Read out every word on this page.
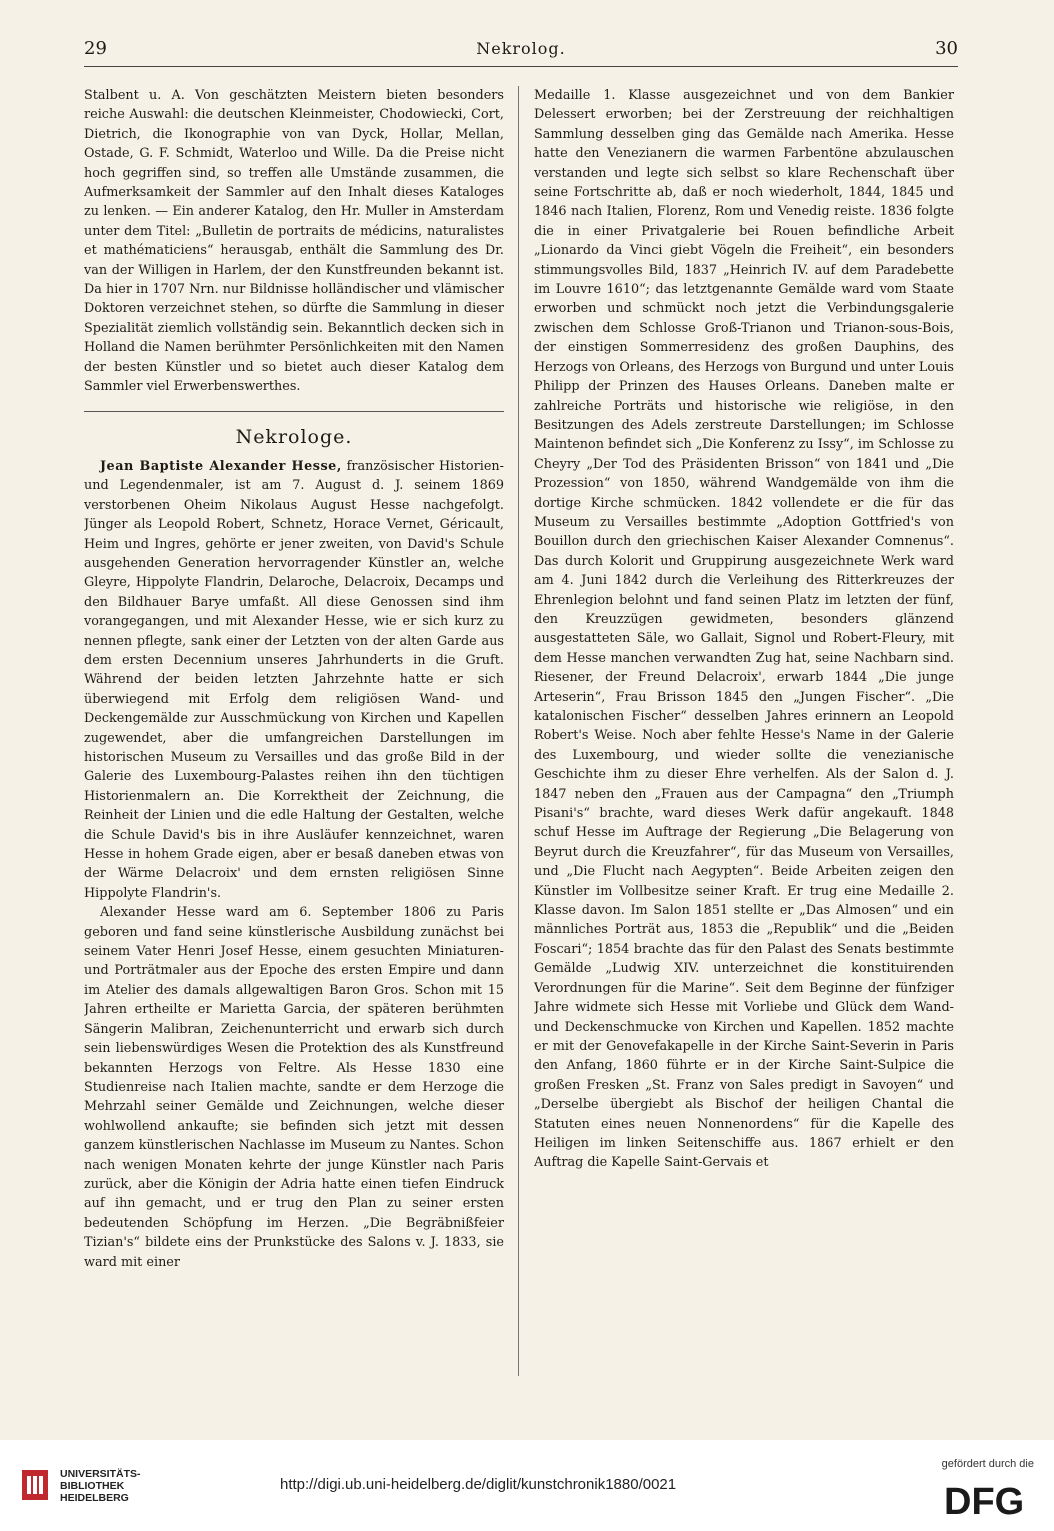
29	Nekrolog.	30

Stalbent u. A. Von geschätzten Meistern bieten besonders reiche Auswahl: die deutschen Kleinmeister, Chodowiecki, Cort, Dietrich, die Ikonographie von van Dyck, Hollar, Mellan, Ostade, G. F. Schmidt, Waterloo und Wille. Da die Preise nicht hoch gegriffen sind, so treffen alle Umstände zusammen, die Aufmerksamkeit der Sammler auf den Inhalt dieses Kataloges zu lenken. — Ein anderer Katalog, den Hr. Muller in Amsterdam unter dem Titel: „Bulletin de portraits de médicins, naturalistes et mathématiciens“ herausgab, enthält die Sammlung des Dr. van der Willigen in Harlem, der den Kunstfreunden bekannt ist. Da hier in 1707 Nrn. nur Bildnisse holländischer und vlämischer Doktoren verzeichnet stehen, so dürfte die Sammlung in dieser Spezialität ziemlich vollständig sein. Bekanntlich decken sich in Holland die Namen berühmter Persönlichkeiten mit den Namen der besten Künstler und so bietet auch dieser Katalog dem Sammler viel Erwerbenswerthes.

Nekrologe.

Jean Baptiste Alexander Hesse, französischer Historien- und Legendenmaler, ist am 7. August d. J. seinem 1869 verstorbenen Oheim Nikolaus August Hesse nachgefolgt. Jünger als Leopold Robert, Schnetz, Horace Vernet, Géricault, Heim und Ingres, gehörte er jener zweiten, von David's Schule ausgehenden Generation hervorragender Künstler an, welche Gleyre, Hippolyte Flandrin, Delaroche, Delacroix, Decamps und den Bildhauer Barye umfaßt. All diese Genossen sind ihm vorangegangen, und mit Alexander Hesse, wie er sich kurz zu nennen pflegte, sank einer der Letzten von der alten Garde aus dem ersten Decennium unseres Jahrhunderts in die Gruft. Während der beiden letzten Jahrzehnte hatte er sich überwiegend mit Erfolg dem religiösen Wand- und Deckengemälde zur Ausschmückung von Kirchen und Kapellen zugewendet, aber die umfangreichen Darstellungen im historischen Museum zu Versailles und das große Bild in der Galerie des Luxembourg-Palastes reihen ihn den tüchtigen Historienmalern an. Die Korrektheit der Zeichnung, die Reinheit der Linien und die edle Haltung der Gestalten, welche die Schule David's bis in ihre Ausläufer kennzeichnet, waren Hesse in hohem Grade eigen, aber er besaß daneben etwas von der Wärme Delacroix' und dem ernsten religiösen Sinne Hippolyte Flandrin's.

Alexander Hesse ward am 6. September 1806 zu Paris geboren und fand seine künstlerische Ausbildung zunächst bei seinem Vater Henri Josef Hesse, einem gesuchten Miniaturen- und Porträtmaler aus der Epoche des ersten Empire und dann im Atelier des damals allgewaltigen Baron Gros. Schon mit 15 Jahren ertheilte er Marietta Garcia, der späteren berühmten Sängerin Malibran, Zeichenunterricht und erwarb sich durch sein liebenswürdiges Wesen die Protektion des als Kunstfreund bekannten Herzogs von Feltre. Als Hesse 1830 eine Studienreise nach Italien machte, sandte er dem Herzoge die Mehrzahl seiner Gemälde und Zeichnungen, welche dieser wohlwollend ankaufte; sie befinden sich jetzt mit dessen ganzem künstlerischen Nachlasse im Museum zu Nantes. Schon nach wenigen Monaten kehrte der junge Künstler nach Paris zurück, aber die Königin der Adria hatte einen tiefen Eindruck auf ihn gemacht, und er trug den Plan zu seiner ersten bedeutenden Schöpfung im Herzen. „Die Begräbnißfeier Tizian's“ bildete eins der Prunkstücke des Salons v. J. 1833, sie ward mit einer

Medaille 1. Klasse ausgezeichnet und von dem Bankier Delessert erworben; bei der Zerstreuung der reichhaltigen Sammlung desselben ging das Gemälde nach Amerika. Hesse hatte den Venezianern die warmen Farbentöne abzulauschen verstanden und legte sich selbst so klare Rechenschaft über seine Fortschritte ab, daß er noch wiederholt, 1844, 1845 und 1846 nach Italien, Florenz, Rom und Venedig reiste. 1836 folgte die in einer Privatgalerie bei Rouen befindliche Arbeit „Lionardo da Vinci giebt Vögeln die Freiheit“, ein besonders stimmungsvolles Bild, 1837 „Heinrich IV. auf dem Paradebette im Louvre 1610“; das letztgenannte Gemälde ward vom Staate erworben und schmückt noch jetzt die Verbindungsgalerie zwischen dem Schlosse Groß-Trianon und Trianon-sous-Bois, der einstigen Sommerresidenz des großen Dauphins, des Herzogs von Orleans, des Herzogs von Burgund und unter Louis Philipp der Prinzen des Hauses Orleans. Daneben malte er zahlreiche Porträts und historische wie religiöse, in den Besitzungen des Adels zerstreute Darstellungen; im Schlosse Maintenon befindet sich „Die Konferenz zu Issy“, im Schlosse zu Cheyry „Der Tod des Präsidenten Brisson“ von 1841 und „Die Prozession“ von 1850, während Wandgemälde von ihm die dortige Kirche schmücken. 1842 vollendete er die für das Museum zu Versailles bestimmte „Adoption Gottfried's von Bouillon durch den griechischen Kaiser Alexander Comnenus“. Das durch Kolorit und Gruppirung ausgezeichnete Werk ward am 4. Juni 1842 durch die Verleihung des Ritterkreuzes der Ehrenlegion belohnt und fand seinen Platz im letzten der fünf, den Kreuzzügen gewidmeten, besonders glänzend ausgestatteten Säle, wo Gallait, Signol und Robert-Fleury, mit dem Hesse manchen verwandten Zug hat, seine Nachbarn sind. Riesener, der Freund Delacroix', erwarb 1844 „Die junge Arteserin“, Frau Brisson 1845 den „Jungen Fischer“. „Die katalonischen Fischer“ desselben Jahres erinnern an Leopold Robert's Weise. Noch aber fehlte Hesse's Name in der Galerie des Luxembourg, und wieder sollte die venezianische Geschichte ihm zu dieser Ehre verhelfen. Als der Salon d. J. 1847 neben den „Frauen aus der Campagna“ den „Triumph Pisani's“ brachte, ward dieses Werk dafür angekauft. 1848 schuf Hesse im Auftrage der Regierung „Die Belagerung von Beyrut durch die Kreuzfahrer“, für das Museum von Versailles, und „Die Flucht nach Aegypten“. Beide Arbeiten zeigen den Künstler im Vollbesitze seiner Kraft. Er trug eine Medaille 2. Klasse davon. Im Salon 1851 stellte er „Das Almosen“ und ein männliches Porträt aus, 1853 die „Republik“ und die „Beiden Foscari“; 1854 brachte das für den Palast des Senats bestimmte Gemälde „Ludwig XIV. unterzeichnet die konstituirenden Verordnungen für die Marine“. Seit dem Beginne der fünfziger Jahre widmete sich Hesse mit Vorliebe und Glück dem Wand- und Deckenschmucke von Kirchen und Kapellen. 1852 machte er mit der Genovefakapelle in der Kirche Saint-Severin in Paris den Anfang, 1860 führte er in der Kirche Saint-Sulpice die großen Fresken „St. Franz von Sales predigt in Savoyen“ und „Derselbe übergiebt als Bischof der heiligen Chantal die Statuten eines neuen Nonnenordens“ für die Kapelle des Heiligen im linken Seitenschiffe aus. 1867 erhielt er den Auftrag die Kapelle Saint-Gervais et

UNIVERSITÄTS-
BIBLIOTHEK
HEIDELBERG
http://digi.ub.uni-heidelberg.de/diglit/kunstchronik1880/0021
gefördert durch die
DFG
